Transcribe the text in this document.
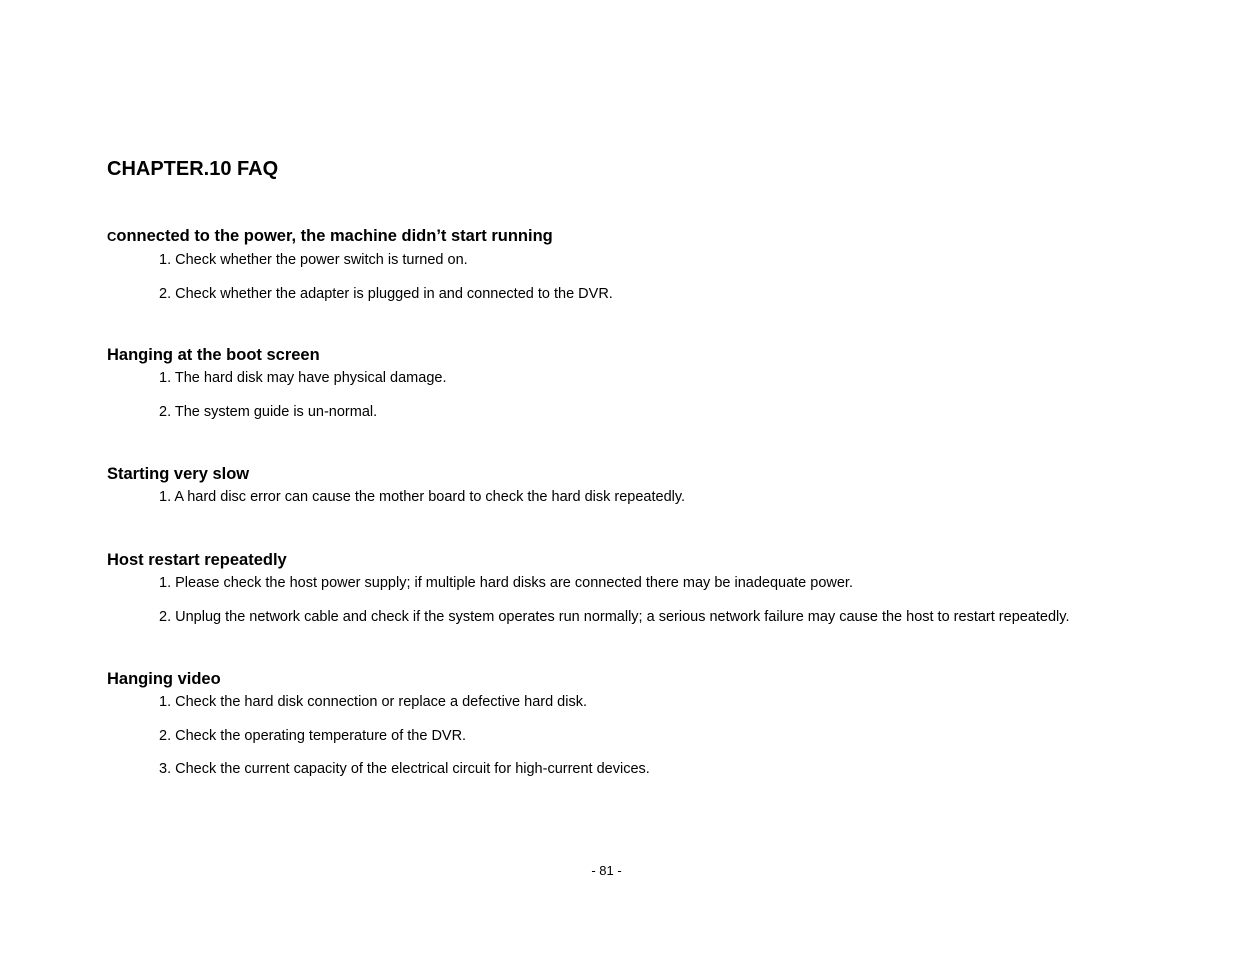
CHAPTER.10 FAQ
Connected to the power, the machine didn’t start running
1. Check whether the power switch is turned on.
2. Check whether the adapter is plugged in and connected to the DVR.
Hanging at the boot screen
1. The hard disk may have physical damage.
2. The system guide is un-normal.
Starting very slow
1. A hard disc error can cause the mother board to check the hard disk repeatedly.
Host restart repeatedly
1. Please check the host power supply; if multiple hard disks are connected there may be inadequate power.
2. Unplug the network cable and check if the system operates run normally; a serious network failure may cause the host to restart repeatedly.
Hanging video
1. Check the hard disk connection or replace a defective hard disk.
2. Check the operating temperature of the DVR.
3. Check the current capacity of the electrical circuit for high-current devices.
- 81 -
